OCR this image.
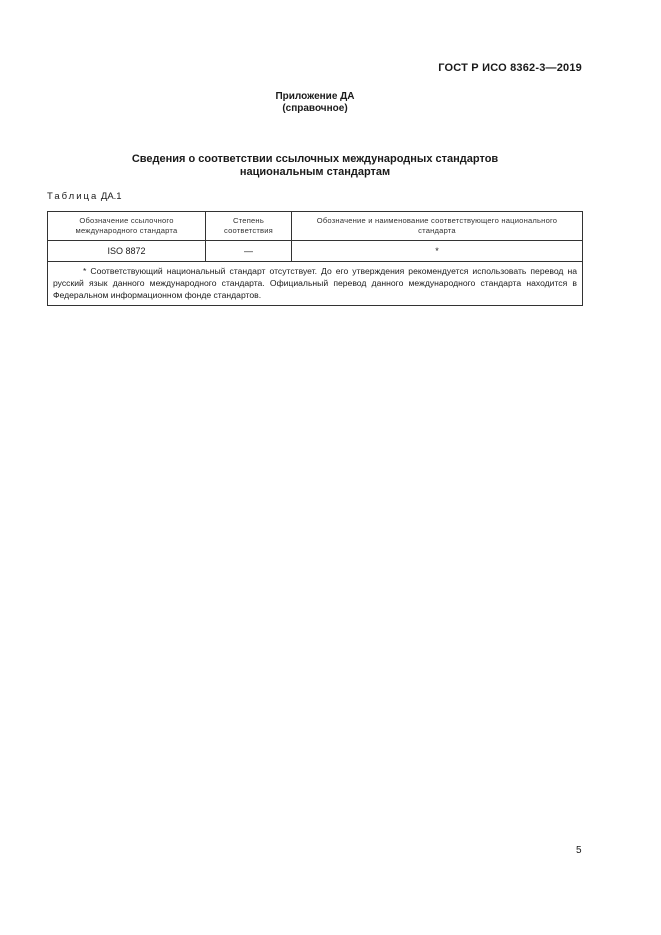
ГОСТ Р ИСО 8362-3—2019
Приложение ДА
(справочное)
Сведения о соответствии ссылочных международных стандартов
национальным стандартам
Таблица ДА.1
Обозначение ссылочного международного стандарта	Степень соответствия	Обозначение и наименование соответствующего национального стандарта
ISO 8872	—	*
* Соответствующий национальный стандарт отсутствует. До его утверждения рекомендуется использовать перевод на русский язык данного международного стандарта. Официальный перевод данного международного стандарта находится в Федеральном информационном фонде стандартов.		
5
